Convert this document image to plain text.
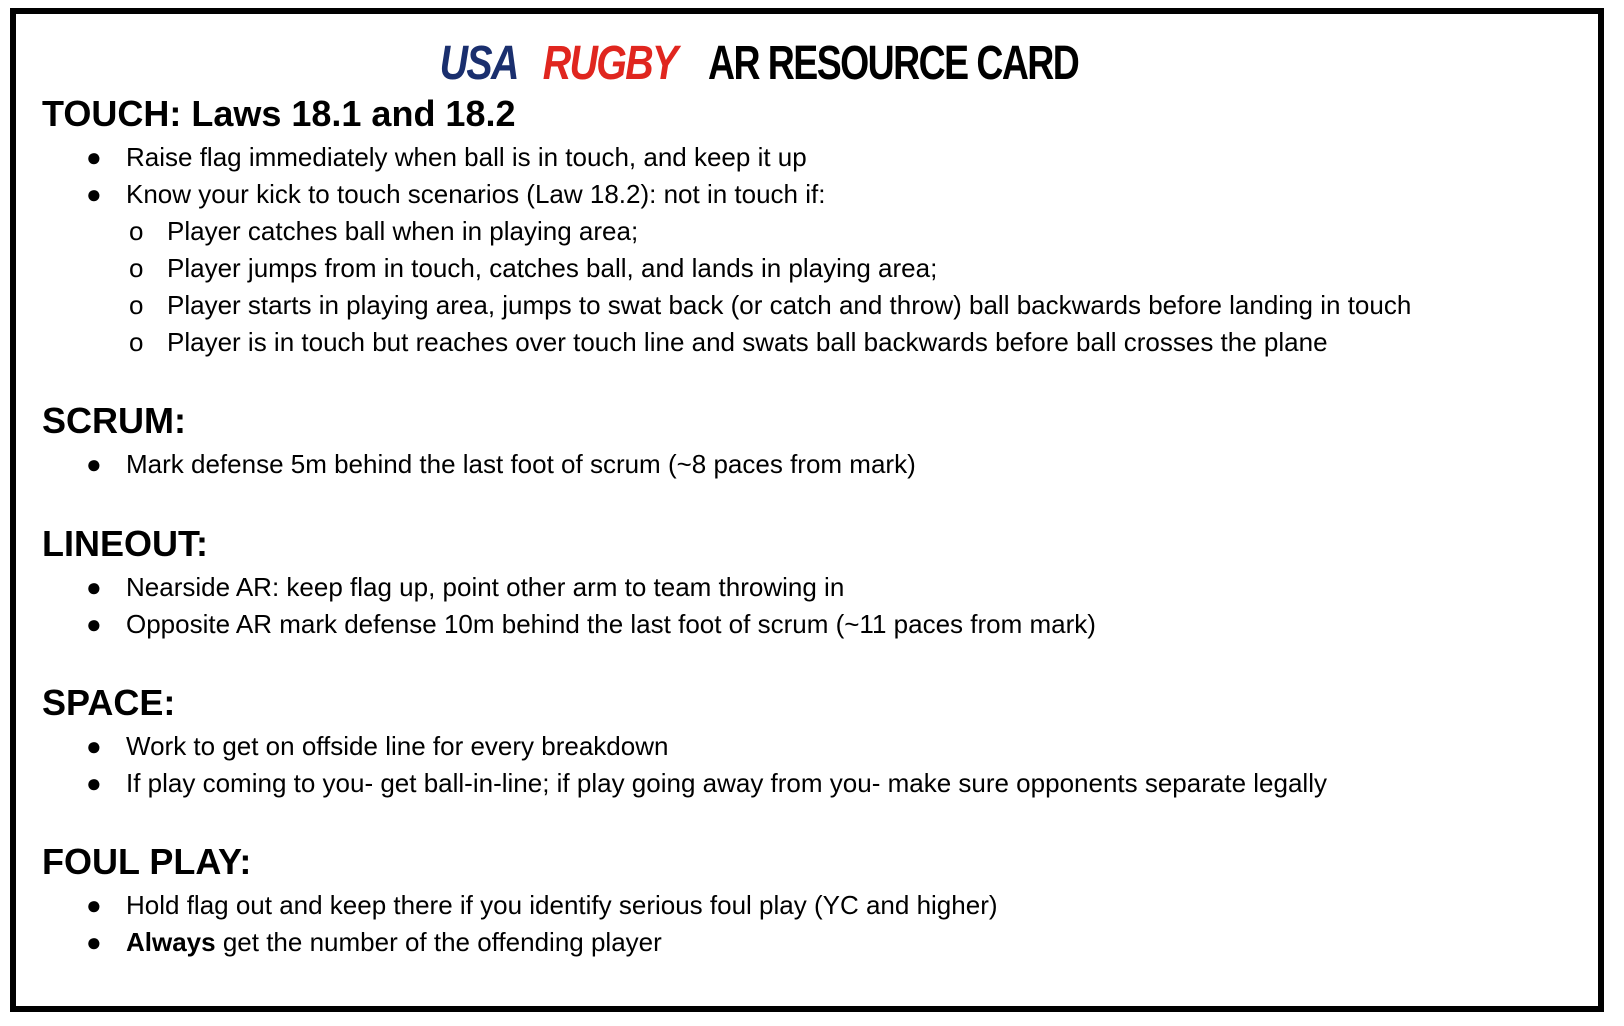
USA RUGBY AR RESOURCE CARD
TOUCH: Laws 18.1 and 18.2
● Raise flag immediately when ball is in touch, and keep it up
● Know your kick to touch scenarios (Law 18.2): not in touch if:
o Player catches ball when in playing area;
o Player jumps from in touch, catches ball, and lands in playing area;
o Player starts in playing area, jumps to swat back (or catch and throw) ball backwards before landing in touch
o Player is in touch but reaches over touch line and swats ball backwards before ball crosses the plane
SCRUM:
● Mark defense 5m behind the last foot of scrum (~8 paces from mark)
LINEOUT:
● Nearside AR: keep flag up, point other arm to team throwing in
● Opposite AR mark defense 10m behind the last foot of scrum (~11 paces from mark)
SPACE:
● Work to get on offside line for every breakdown
● If play coming to you- get ball-in-line; if play going away from you- make sure opponents separate legally
FOUL PLAY:
● Hold flag out and keep there if you identify serious foul play (YC and higher)
● Always get the number of the offending player
